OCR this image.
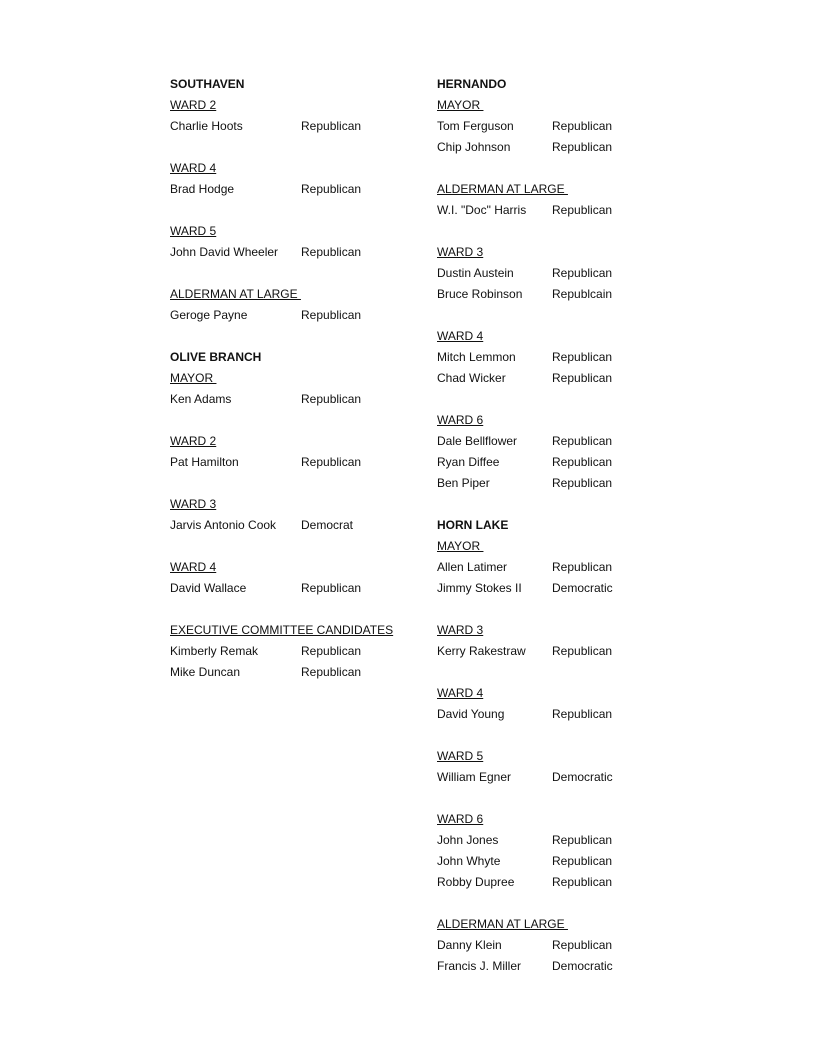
SOUTHAVEN
WARD 2
Charlie Hoots	Republican
WARD 4
Brad Hodge	Republican
WARD 5
John David Wheeler	Republican
ALDERMAN AT LARGE
Geroge Payne	Republican
OLIVE BRANCH
MAYOR
Ken Adams	Republican
WARD 2
Pat Hamilton	Republican
WARD 3
Jarvis Antonio Cook	Democrat
WARD 4
David Wallace	Republican
EXECUTIVE COMMITTEE CANDIDATES
Kimberly Remak	Republican
Mike Duncan	Republican
HERNANDO
MAYOR
Tom Ferguson	Republican
Chip Johnson	Republican
ALDERMAN AT LARGE
W.I. "Doc" Harris	Republican
WARD 3
Dustin Austein	Republican
Bruce Robinson	Republcain
WARD 4
Mitch Lemmon	Republican
Chad Wicker	Republican
WARD 6
Dale Bellflower	Republican
Ryan Diffee	Republican
Ben Piper	Republican
HORN LAKE
MAYOR
Allen Latimer	Republican
Jimmy Stokes II	Democratic
WARD 3
Kerry Rakestraw	Republican
WARD 4
David Young	Republican
WARD 5
William Egner	Democratic
WARD 6
John Jones	Republican
John Whyte	Republican
Robby Dupree	Republican
ALDERMAN AT LARGE
Danny Klein	Republican
Francis J. Miller	Democratic
